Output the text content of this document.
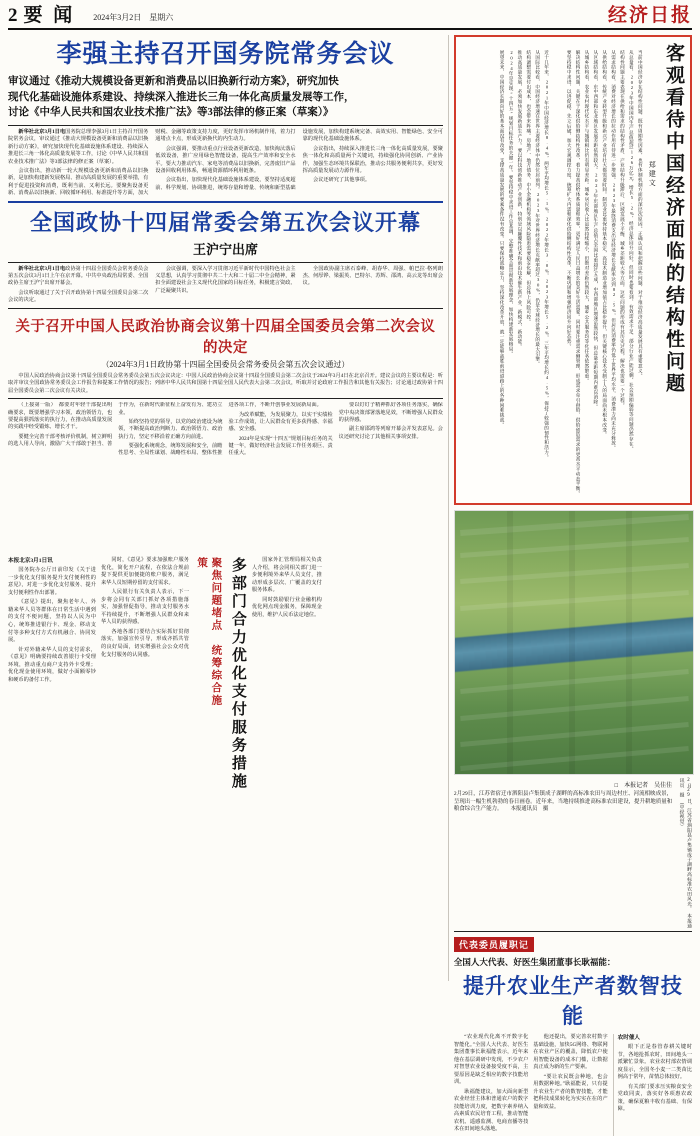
2 要 闻 2024年3月2日　星期六	经济日报
李强主持召开国务院常务会议
审议通过《推动大规模设备更新和消费品以旧换新行动方案》，研究加快
现代化基础设施体系建设、持续深入推进长三角一体化高质量发展等工作，
讨论《中华人民共和国农业技术推广法》等3部法律的修正案（草案）》

新华社北京3月1日电国务院总理李强3月1日主持召开国务院常务会议，审议通过《推动大规模设备更新和消费品以旧换新行动方案》，研究加快现代化基础设施体系建设、持续深入推进长三角一体化高质量发展等工作，讨论《中华人民共和国农业技术推广法》等3部法律的修正案（草案）。

会议指出，推动新一轮大规模设备更新和消费品以旧换新，是加快构建新发展格局、推动高质量发展的重要举措，有利于促进投资和消费，既利当前、又利长远。要聚焦设备更新、消费品以旧换新、回收循环利用、标准提升等方面，加大财税、金融等政策支持力度，更好发挥市场机制作用，着力打通堵点卡点，形成更新换代的内生动力。

会议强调，要推动重点行业设备更新改造，加快淘汰落后低效设备，推广应用绿色智能设备，提高生产效率和安全水平。要大力推动汽车、家电等消费品以旧换新，完善废旧产品设备回收利用体系，畅通资源循环利用链条。

会议指出，加快现代化基础设施体系建设，要坚持适度超前、科学规划、协调推进，统筹存量和增量、传统和新型基础设施发展，加快构建系统完备、高效实用、智能绿色、安全可靠的现代化基础设施体系。

会议指出，持续深入推进长三角一体化高质量发展，要聚焦一体化和高质量两个关键词，持续强化协同创新、产业协作，加强生态环境共保联治，推动公共服务便利共享，更好发挥高质量发展动力源作用。

会议还研究了其他事项。

全国政协十四届常委会第五次会议开幕
王沪宁出席

新华社北京3月1日电政协第十四届全国委员会常务委员会第五次会议3月1日上午在京开幕。中共中央政治局常委、全国政协主席王沪宁出席开幕会。

会议听取通过了关于召开政协第十四届全国委员会第二次会议的决定。

会议强调，要深入学习贯彻习近平新时代中国特色社会主义思想，认真学习贯彻中共二十大和二十届二中全会精神，紧扣全面建设社会主义现代化国家的目标任务，积极建言资政、广泛凝聚共识。

全国政协副主席石泰峰、胡春华、周强、帕巴拉·格列朗杰、何厚铧、梁振英、巴特尔、苏辉、邵鸿、高云龙等出席会议。

关于召开中国人民政治协商会议第十四届全国委员会第二次会议的决定
（2024年3月1日政协第十四届全国委员会常务委员会第五次会议通过）

中国人民政治协商会议第十四届全国委员会常务委员会第五次会议决定：中国人民政治协商会议第十四届全国委员会第二次会议于2024年3月4日在北京召开。建议会议的主要议程是：听取并审议全国政协常务委员会工作报告和提案工作情况的报告；列席中华人民共和国第十四届全国人民代表大会第二次会议，听取并讨论政府工作报告和其他有关报告；讨论通过政协第十四届全国委员会第二次会议有关决议。

（上接第一版）　都要对年轻干部提出明确要求，既要增强学习本领、政治领悟力，也要提高狠抓落实的执行力，在推动高质量发展的实践中经受锻炼、增长才干。

要健全完善干部考核评价机制，树立鲜明的选人用人导向，激励广大干部敢于担当、善于作为，在新时代新征程上奋发有为、建功立业。

始终坚持党的领导，以党的政治建设为统领，不断提高政治判断力、政治领悟力、政治执行力，坚定不移沿着正确方向前进。

要强化系统观念，统筹发展和安全，前瞻性思考、全局性谋划、战略性布局、整体性推进各项工作，不断开创事业发展新局面。

为改革赋能，为发展聚力，以实干实绩检验工作成效，让人民群众有更多获得感、幸福感、安全感。

2024年是实现“十四五”规划目标任务的关键一年，做好经济社会发展工作任务艰巨、责任重大。

要以钉钉子精神抓好各项任务落实，确保党中央决策部署落地见效，不断增强人民群众的获得感。

副主席邵鸿等列席开幕会并发表意见。会议还研究讨论了其他相关事项安排。

本报北京3月1日讯

国务院办公厅日前印发《关于进一步优化支付服务提升支付便利性的意见》，对进一步优化支付服务、提升支付便利性作出部署。

《意见》提出，聚焦老年人、外籍来华人员等群体在日常生活中遇到的支付不便问题，坚持以人民为中心，统筹推进银行卡、现金、移动支付等多种支付方式有机融合、协同发展。

针对外籍来华人员的支付需求，《意见》明确要持续改善银行卡受理环境，推动重点商户支持外卡受理；优化现金使用环境，做好小面额零钞和硬币的备付工作。

同时，《意见》要求加强账户服务优化，简化开户流程，在依法合规前提下提供更加便捷的账户服务，满足来华人员短期停留的支付需求。

人民银行有关负责人表示，下一步将会同有关部门抓好各项措施落实，加强督促指导，推动支付服务水平持续提升，不断增强人民群众和来华人员的获得感。

各地各部门要结合实际抓好贯彻落实，加强宣传引导，形成齐抓共管的良好局面，切实增强社会公众对优化支付服务的认同感。	聚焦问题堵点　统筹综合施策	多部门合力优化支付服务措施	国家外汇管理局相关负责人介绍，将会同相关部门进一步便利境外来华人员支付，推动形成多层次、广覆盖的支付服务体系。

同时鼓励银行业金融机构优化网点现金服务，保障现金使用，维护人民币法定地位。

客观看待中国经济面临的结构性问题
郑建文

当前中国经济存在结构性问题，既有周期性因素，也有体制机制方面的深层次原因。正确认识和把握这些问题，对于推动经济高质量发展具有重要意义。

从总量看，2023年中国国内生产总值超过126万亿元，增长5.2%，经济总体回升向好。但同时也要看到，有效需求不足、部分行业产能过剩、社会预期偏弱等问题仍然存在。

结构性问题主要表现在供给和需求的结构性矛盾、产业结构升级滞后、区域发展不平衡、城乡差距较大等方面。这些问题的形成有其历史过程，解决也需要一个过程。

从需求结构看，消费对经济增长的拉动作用有待进一步增强。2023年最终消费支出对经济增长贡献率达到82.5%，但居民消费率仍低于世界平均水平，消费潜力尚未充分释放。

从供给结构看，传统产业转型升级和新兴产业培育壮大都需要时间。制造业比重保持基本稳定，高技术制造业增加值占比稳步提升，但关键核心技术受制于人的局面尚未根本改变。

从区域结构看，东中西部和东北地区发展差距依然较大。2023年东部地区生产总值占全国比重超过五成，中西部地区增速虽然较快，但总量差距短期内难以消除。

从城乡结构看，农业农村现代化水平与城镇相比仍有明显差距。城乡居民收入比虽然持续缩小，但绝对差距仍然较大，城乡公共服务均等化任务依然繁重。

解决结构性问题，关键在于深化供给侧结构性改革，着力提高供给体系质量和效率，更好满足人民日益增长的美好生活需要。同时要注重需求侧管理，形成需求牵引供给、供给创造需求的更高水平动态平衡。

要坚持稳中求进、以进促稳、先立后破，加大宏观调控力度，统筹扩大内需和深化供给侧结构性改革，不断巩固和增强经济回升向好态势。

近十几年来，2021年中国经济增长8.4%，两年平均增长5.1%，2022年增长3.0%，2023年增长5.2%，三年平均增长约4.5%，保持了较强的韧性和活力。

从国际比较看，中国经济增速在世界主要经济体中仍然位居前列。2023年对世界经济增长贡献率超过30%，仍是全球经济增长的最大引擎。

结构调整需要付出成本，也会带来阵痛。房地产、地方债务、中小金融机构等领域风险隐患需要稳妥化解，但总体上风险可控。

推动高质量发展，必须加快发展新质生产力。要以科技创新推动产业创新，特别是以颠覆性技术和前沿技术催生新产业、新模式、新动能。

2024年是实现“十四五”规划目标任务的关键一年。要坚持稳中求进工作总基调，完整准确全面贯彻新发展理念，加快构建新发展格局。

展望未来，中国经济长期向好的基本面没有改变，支撑高质量发展的要素条件没有改变。只要保持战略定力，坚持深化改革开放，就一定能够战胜前进道路上的各种困难挑战。

□　本报记者　吴佳佳
2月29日，江苏省宿迁市泗阳县卢集镇成子湖畔的高标准农田与周边村庄、河流相映成景，呈现出一幅生机勃勃的春日画卷。近年来，当地持续推进高标准农田建设，提升耕地质量和粮食综合生产能力。　　本报通讯员　摄	2月29日，江苏省泗阳县卢集镇成子湖畔高标准农田风光。　本报通讯员　摄　（中经视觉）
代表委员履职记
全国人大代表、好医生集团董事长耿福能：
提升农业生产者数智技能

“农业现代化离不开数字化智能化。”全国人大代表、好医生集团董事长耿福能表示，近年来他在基层调研中发现，不少农户对智慧农业设备接受度不高，主要原因是缺乏相应的数字技能培训。

耿福能建议，加大面向新型农业经营主体和普通农户的数字技能培训力度，把数字素养纳入高素质农民培育工程，推动智能农机、遥感监测、电商直播等技术在田间地头落地。

他还提出，要完善农村数字基础设施，加快5G网络、物联网在农业产区的覆盖，降低农户使用智能设备的成本门槛，让数据真正成为新的生产要素。

“要让农民既会种地，也会用数据种地。”耿福能说，只有提升农业生产者的数智技能，才能把科技成果转化为实实在在的产量和效益。

农时催人

眼下正是春管春耕关键时节，各地抢抓农时，田间地头一派繁忙景象。农业农村部农情调度显示，全国冬小麦一二类苗比例高于常年，苗情总体较好。

有关部门要求压实粮食安全党政同责，落实好各项惠农政策，确保夏粮丰收有基础、有保障。
